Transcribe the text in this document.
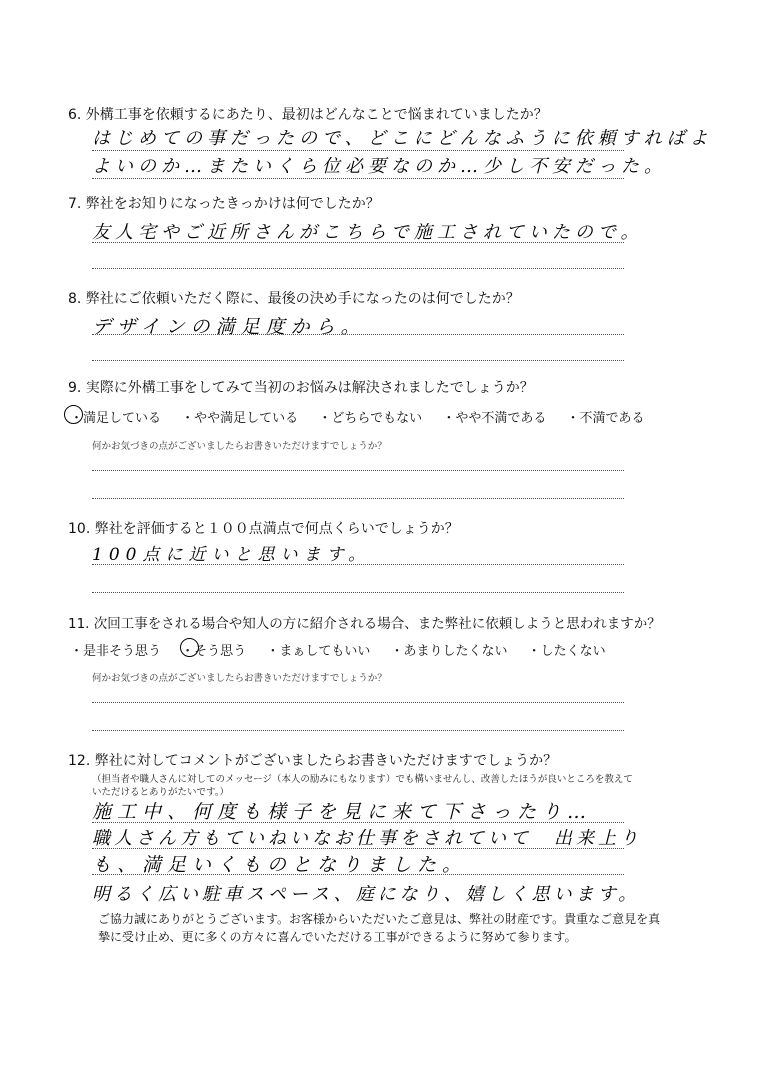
6. 外構工事を依頼するにあたり、最初はどんなことで悩まれていましたか？
はじめての事だったので、どこにどんなふうに依頼すればよ
よいのか…またいくら位必要なのか…少し不安だった。
7. 弊社をお知りになったきっかけは何でしたか？
友人宅やご近所さんがこちらで施工されていたので。
8. 弊社にご依頼いただく際に、最後の決め手になったのは何でしたか？
デザインの満足度から。
9. 実際に外構工事をしてみて当初のお悩みは解決されましたでしょうか？
・満足している ・やや満足している ・どちらでもない ・やや不満である ・不満である
何かお気づきの点がございましたらお書きいただけますでしょうか？
10. 弊社を評価すると１００点満点で何点くらいでしょうか？
100点に近いと思います。
11. 次回工事をされる場合や知人の方に紹介される場合、また弊社に依頼しようと思われますか？
・是非そう思う ・そう思う ・まぁしてもいい ・あまりしたくない ・したくない
何かお気づきの点がございましたらお書きいただけますでしょうか？
12. 弊社に対してコメントがございましたらお書きいただけますでしょうか？
（担当者や職人さんに対してのメッセージ（本人の励みにもなります）でも構いませんし、改善したほうが良いところを教えて
いただけるとありがたいです。）
施工中、何度も様子を見に来て下さったり…
職人さん方もていねいなお仕事をされていて　出来上り
も、満足いくものとなりました。
明るく広い駐車スペース、庭になり、嬉しく思います。
ご協力誠にありがとうございます。お客様からいただいたご意見は、弊社の財産です。貴重なご意見を真
摯に受け止め、更に多くの方々に喜んでいただける工事ができるように努めて参ります。
